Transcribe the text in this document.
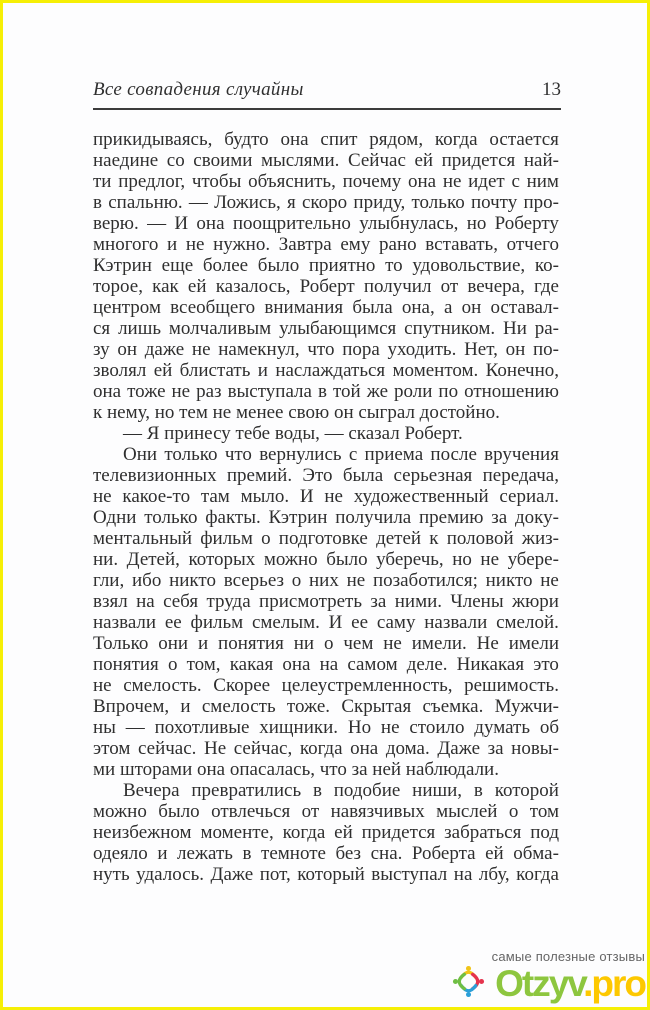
Все совпадения случайны	13
прикидываясь, будто она спит рядом, когда остается
наедине со своими мыслями. Сейчас ей придется най-
ти предлог, чтобы объяснить, почему она не идет с ним
в спальню. — Ложись, я скоро приду, только почту про-
верю. — И она поощрительно улыбнулась, но Роберту
многого и не нужно. Завтра ему рано вставать, отчего
Кэтрин еще более было приятно то удовольствие, ко-
торое, как ей казалось, Роберт получил от вечера, где
центром всеобщего внимания была она, а он оставал-
ся лишь молчаливым улыбающимся спутником. Ни ра-
зу он даже не намекнул, что пора уходить. Нет, он по-
зволял ей блистать и наслаждаться моментом. Конечно,
она тоже не раз выступала в той же роли по отношению
к нему, но тем не менее свою он сыграл достойно.
— Я принесу тебе воды, — сказал Роберт.
Они только что вернулись с приема после вручения
телевизионных премий. Это была серьезная передача,
не какое-то там мыло. И не художественный сериал.
Одни только факты. Кэтрин получила премию за доку-
ментальный фильм о подготовке детей к половой жиз-
ни. Детей, которых можно было уберечь, но не убере-
гли, ибо никто всерьез о них не позаботился; никто не
взял на себя труда присмотреть за ними. Члены жюри
назвали ее фильм смелым. И ее саму назвали смелой.
Только они и понятия ни о чем не имели. Не имели
понятия о том, какая она на самом деле. Никакая это
не смелость. Скорее целеустремленность, решимость.
Впрочем, и смелость тоже. Скрытая съемка. Мужчи-
ны — похотливые хищники. Но не стоило думать об
этом сейчас. Не сейчас, когда она дома. Даже за новы-
ми шторами она опасалась, что за ней наблюдали.
Вечера превратились в подобие ниши, в которой
можно было отвлечься от навязчивых мыслей о том
неизбежном моменте, когда ей придется забраться под
одеяло и лежать в темноте без сна. Роберта ей обма-
нуть удалось. Даже пот, который выступал на лбу, когда
самые полезные отзывы
Otzyv.pro
